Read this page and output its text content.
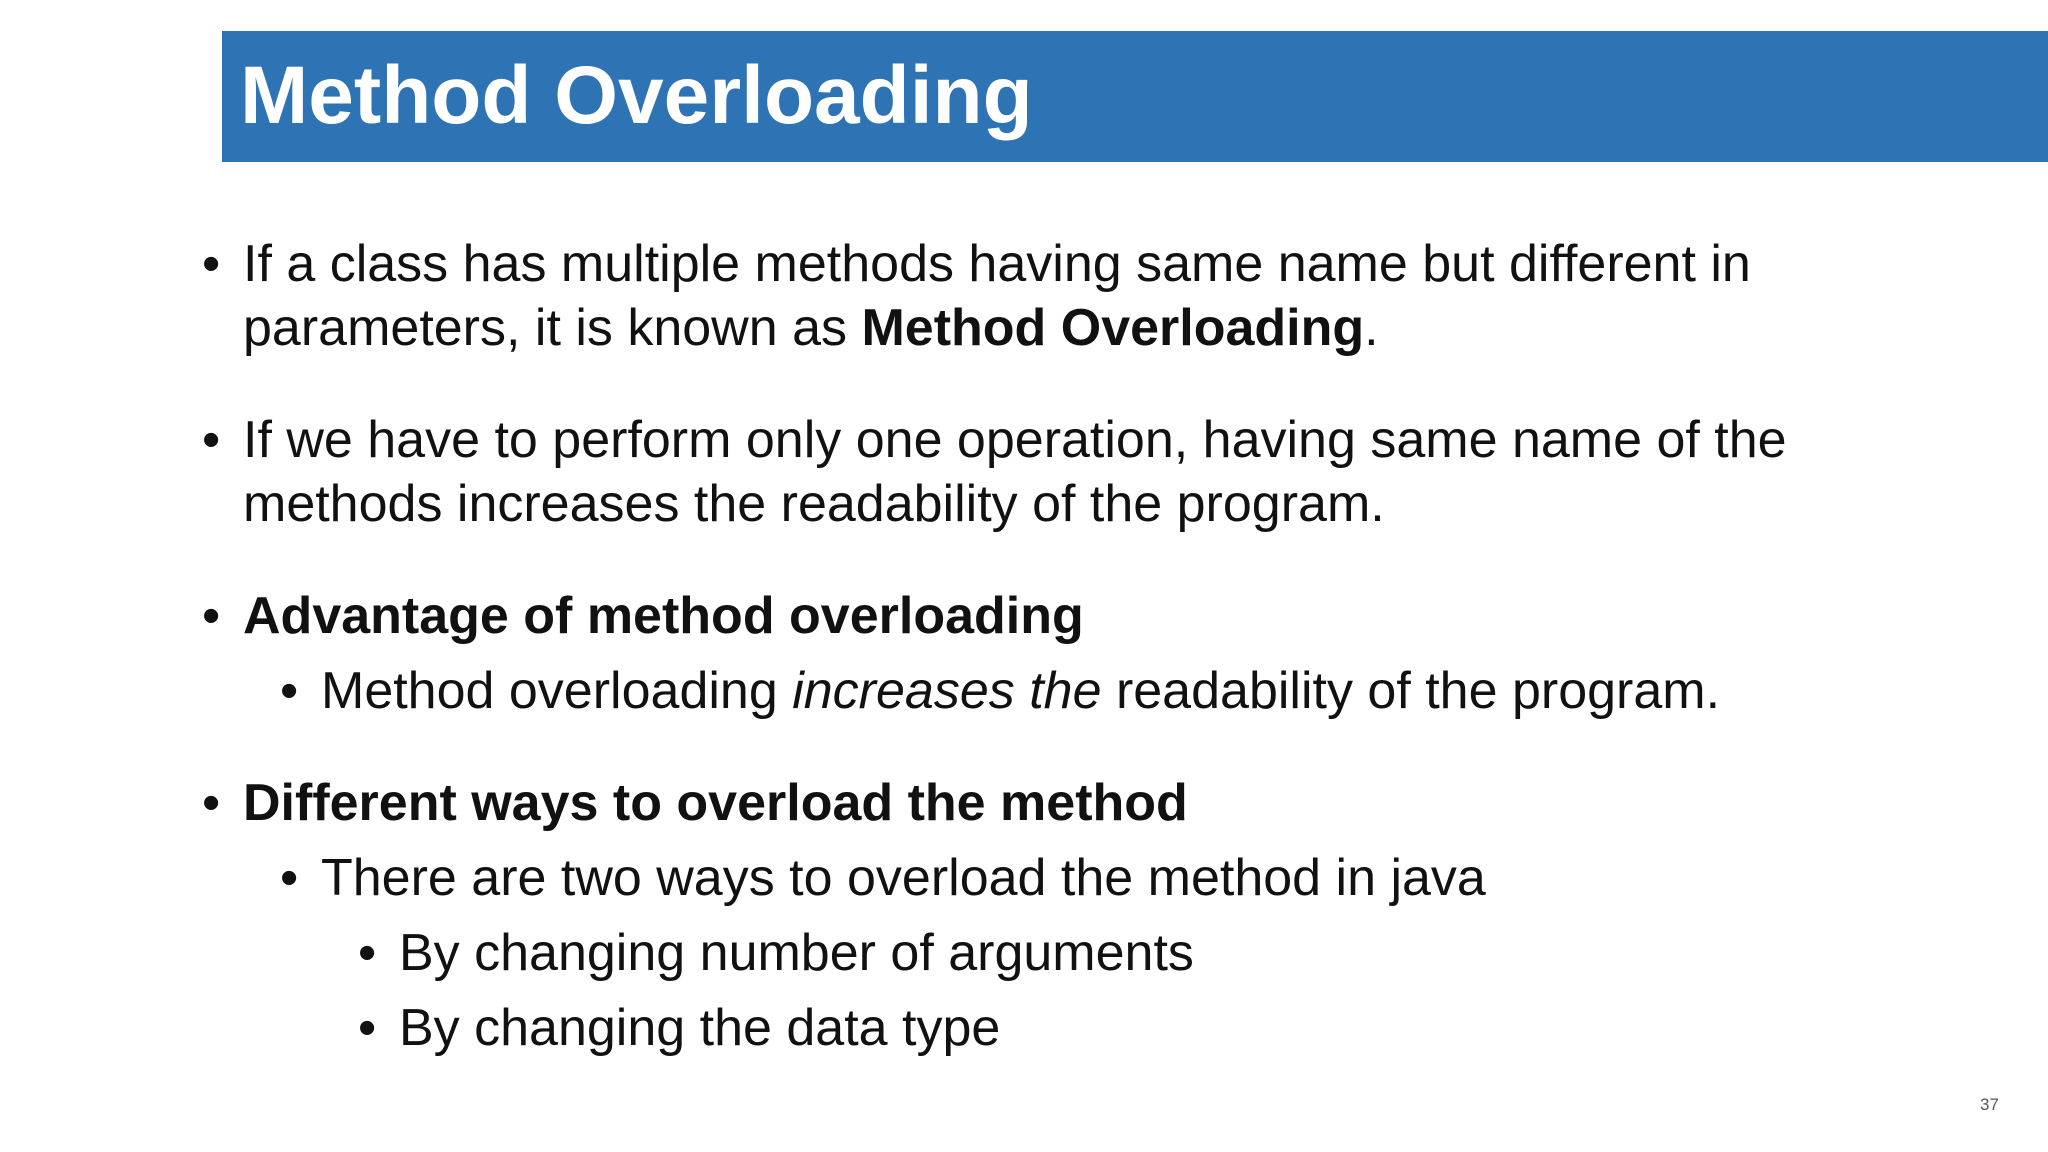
Method Overloading
• If a class has multiple methods having same name but different in parameters, it is known as Method Overloading.
• If we have to perform only one operation, having same name of the methods increases the readability of the program.
• Advantage of method overloading
• Method overloading increases the readability of the program.
• Different ways to overload the method
• There are two ways to overload the method in java
• By changing number of arguments
• By changing the data type
37
